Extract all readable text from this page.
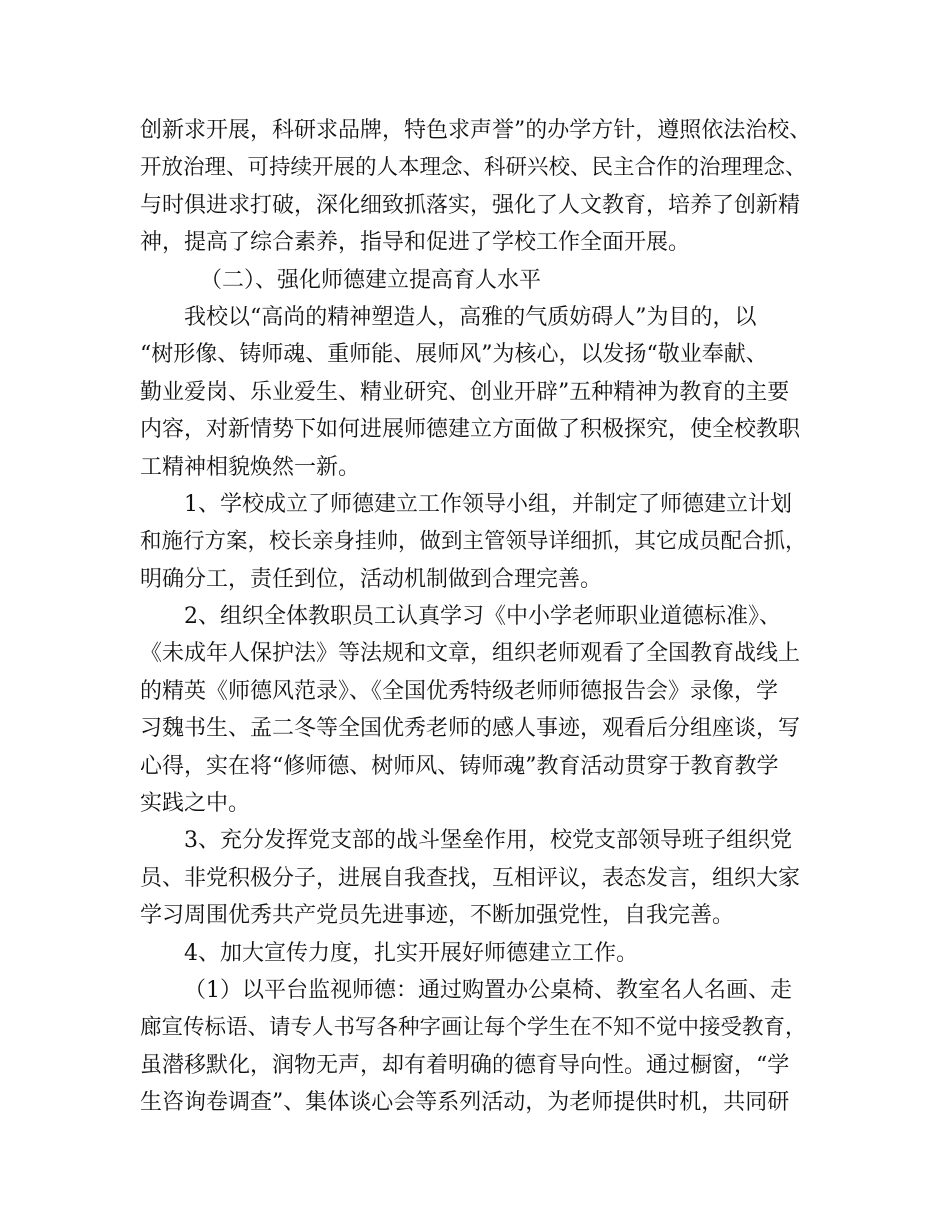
创新求开展，科研求品牌，特色求声誉”的办学方针，遵照依法治校、
开放治理、可持续开展的人本理念、科研兴校、民主合作的治理理念、
与时俱进求打破，深化细致抓落实，强化了人文教育，培养了创新精
神，提高了综合素养，指导和促进了学校工作全面开展。
（二）、强化师德建立提高育人水平
我校以“高尚的精神塑造人，高雅的气质妨碍人”为目的，以
“树形像、铸师魂、重师能、展师风”为核心，以发扬“敬业奉献、
勤业爱岗、乐业爱生、精业研究、创业开辟”五种精神为教育的主要
内容，对新情势下如何进展师德建立方面做了积极探究，使全校教职
工精神相貌焕然一新。
1、学校成立了师德建立工作领导小组，并制定了师德建立计划
和施行方案，校长亲身挂帅，做到主管领导详细抓，其它成员配合抓，
明确分工，责任到位，活动机制做到合理完善。
2、组织全体教职员工认真学习《中小学老师职业道德标准》、
《未成年人保护法》等法规和文章，组织老师观看了全国教育战线上
的精英《师德风范录》、《全国优秀特级老师师德报告会》录像，学
习魏书生、孟二冬等全国优秀老师的感人事迹，观看后分组座谈，写
心得，实在将“修师德、树师风、铸师魂”教育活动贯穿于教育教学
实践之中。
3、充分发挥党支部的战斗堡垒作用，校党支部领导班子组织党
员、非党积极分子，进展自我查找，互相评议，表态发言，组织大家
学习周围优秀共产党员先进事迹，不断加强党性，自我完善。
4、加大宣传力度，扎实开展好师德建立工作。
（1）以平台监视师德：通过购置办公桌椅、教室名人名画、走
廊宣传标语、请专人书写各种字画让每个学生在不知不觉中接受教育，
虽潜移默化，润物无声，却有着明确的德育导向性。通过橱窗，“学
生咨询卷调查”、集体谈心会等系列活动，为老师提供时机，共同研
